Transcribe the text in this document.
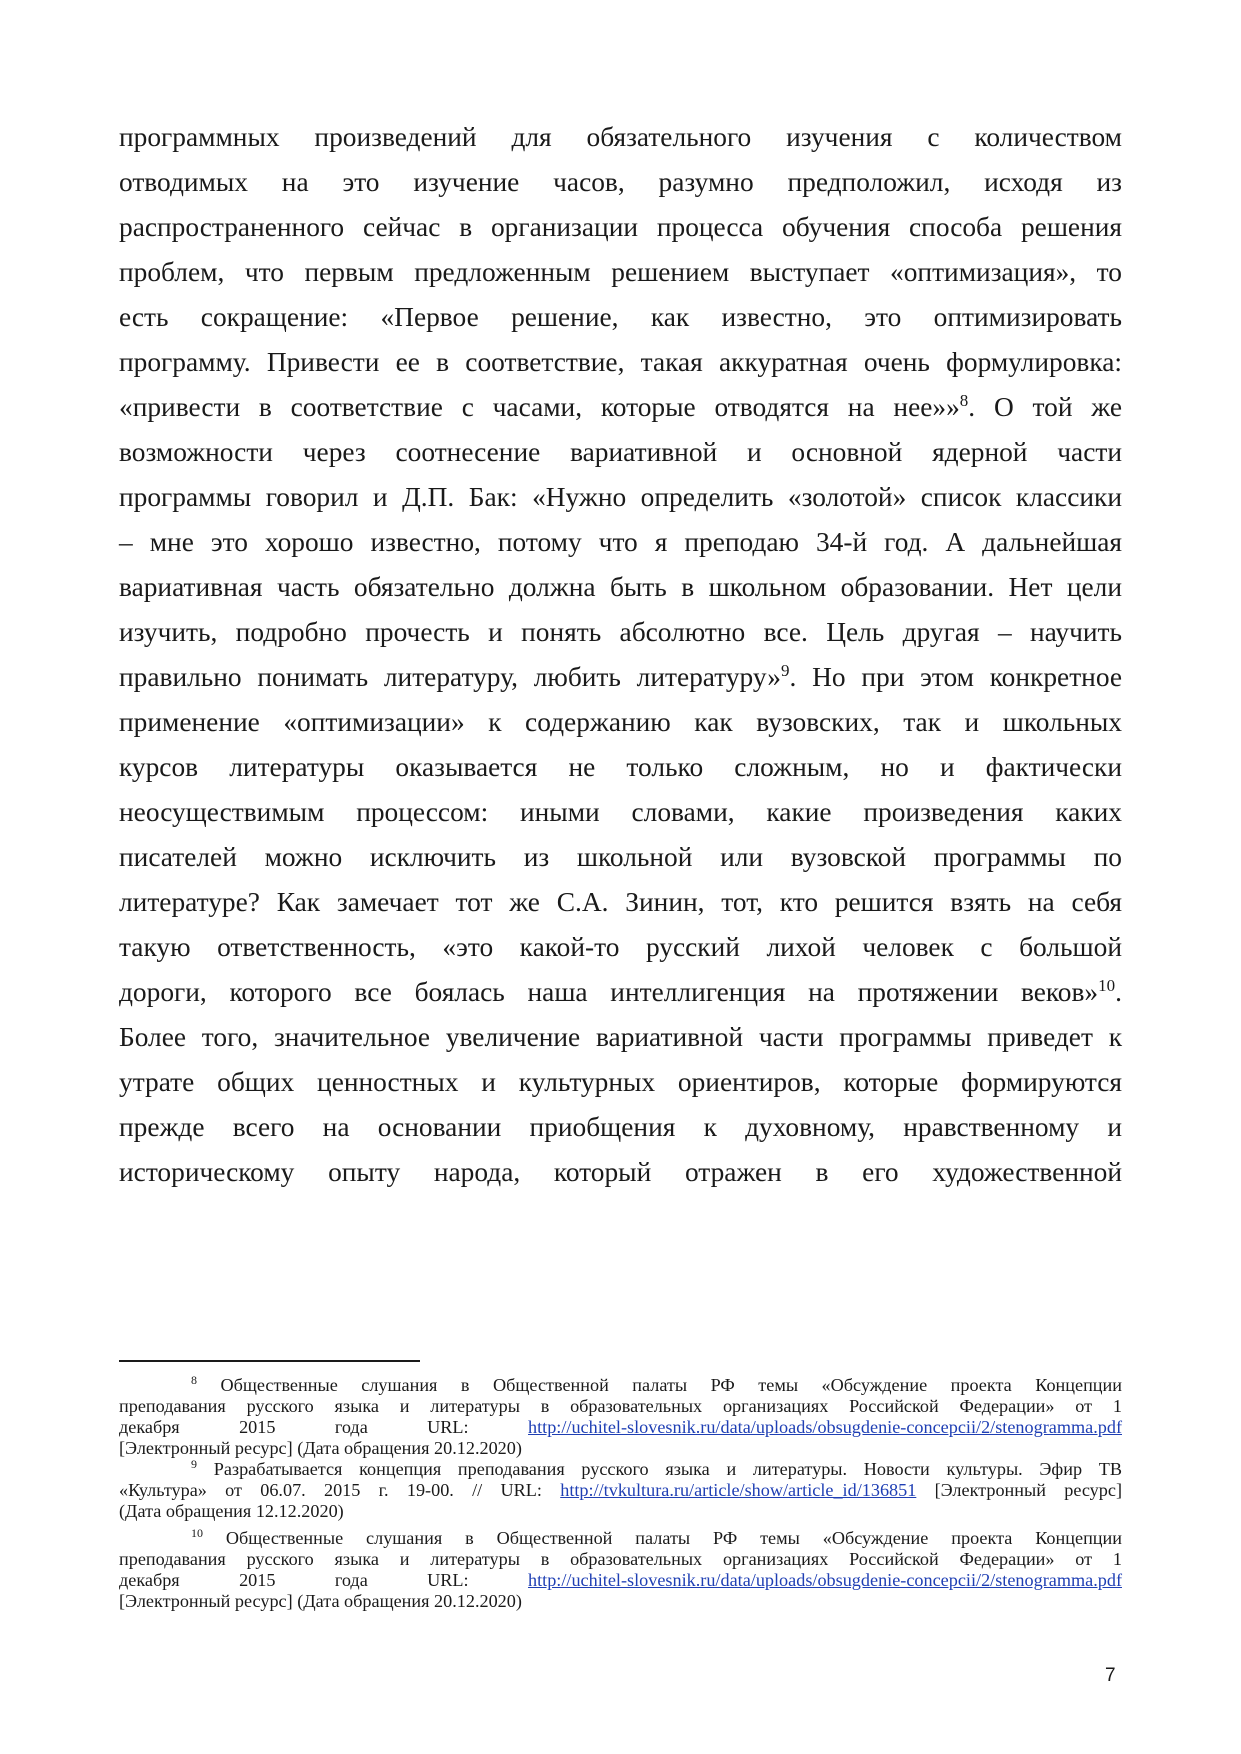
программных произведений для обязательного изучения с количеством
отводимых на это изучение часов, разумно предположил, исходя из
распространенного сейчас в организации процесса обучения способа решения
проблем, что первым предложенным решением выступает «оптимизация», то
есть сокращение: «Первое решение, как известно, это оптимизировать
программу. Привести ее в соответствие, такая аккуратная очень формулировка:
«привести в соответствие с часами, которые отводятся на нее»»$^8$. О той же
возможности через соотнесение вариативной и основной ядерной части
программы говорил и Д.П. Бак: «Нужно определить «золотой» список классики
– мне это хорошо известно, потому что я преподаю 34-й год. А дальнейшая
вариативная часть обязательно должна быть в школьном образовании. Нет цели
изучить, подробно прочесть и понять абсолютно все. Цель другая – научить
правильно понимать литературу, любить литературу»$^9$. Но при этом конкретное
применение «оптимизации» к содержанию как вузовских, так и школьных
курсов литературы оказывается не только сложным, но и фактически
неосуществимым процессом: иными словами, какие произведения каких
писателей можно исключить из школьной или вузовской программы по
литературе? Как замечает тот же С.А. Зинин, тот, кто решится взять на себя
такую ответственность, «это какой-то русский лихой человек с большой
дороги, которого все боялась наша интеллигенция на протяжении веков»$^{10}$.
Более того, значительное увеличение вариативной части программы приведет к
утрате общих ценностных и культурных ориентиров, которые формируются
прежде всего на основании приобщения к духовному, нравственному и
историческому опыту народа, который отражен в его художественной
$^8$ Общественные слушания в Общественной палаты РФ темы «Обсуждение проекта Концепции
преподавания русского языка и литературы в образовательных организациях Российской Федерации» от 1
декабря 2015 года URL:	http://uchitel-slovesnik.ru/data/uploads/obsugdenie-concepcii/2/stenogramma.pdf
[Электронный ресурс] (Дата обращения 20.12.2020)
$^9$ Разрабатывается концепция преподавания русского языка и литературы. Новости культуры. Эфир ТВ
«Культура» от 06.07. 2015 г. 19-00. // URL: http://tvkultura.ru/article/show/article_id/136851 [Электронный ресурс]
(Дата обращения 12.12.2020)
$^{10}$ Общественные слушания в Общественной палаты РФ темы «Обсуждение проекта Концепции
преподавания русского языка и литературы в образовательных организациях Российской Федерации» от 1
декабря 2015 года URL:	http://uchitel-slovesnik.ru/data/uploads/obsugdenie-concepcii/2/stenogramma.pdf
[Электронный ресурс] (Дата обращения 20.12.2020)
7
